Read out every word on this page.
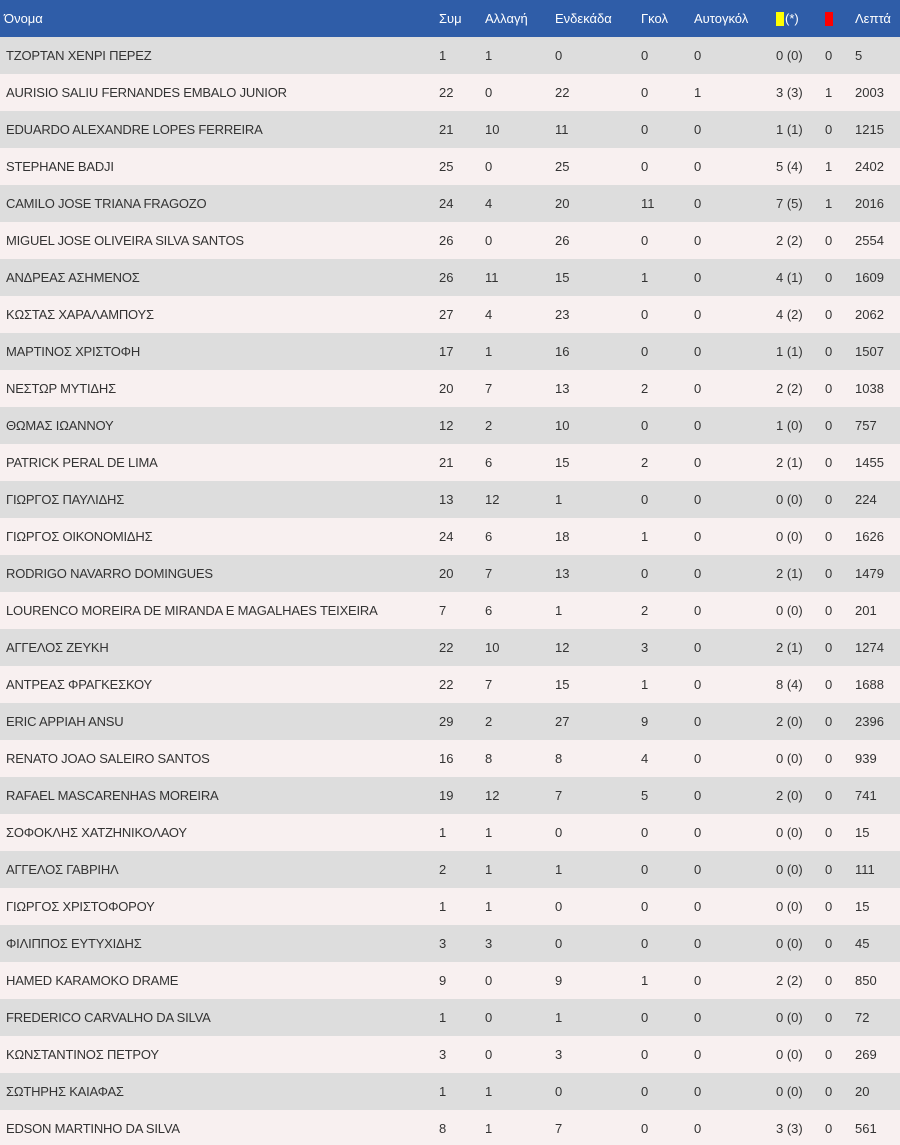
Όνομα	Συμ	Αλλαγή	Ενδεκάδα	Γκολ	Αυτογκόλ	(*)		Λεπτά
ΤΖΟΡΤΑΝ ΧΕΝΡΙ ΠΕΡΕΖ	1	1	0	0	0	0 (0)	0	5
AURISIO SALIU FERNANDES EMBALO JUNIOR	22	0	22	0	1	3 (3)	1	2003
EDUARDO ALEXANDRE LOPES FERREIRA	21	10	11	0	0	1 (1)	0	1215
STEPHANE BADJI	25	0	25	0	0	5 (4)	1	2402
CAMILO JOSE TRIANA FRAGOZO	24	4	20	11	0	7 (5)	1	2016
MIGUEL JOSE OLIVEIRA SILVA SANTOS	26	0	26	0	0	2 (2)	0	2554
ΑΝΔΡΕΑΣ ΑΣΗΜΕΝΟΣ	26	11	15	1	0	4 (1)	0	1609
ΚΩΣΤΑΣ ΧΑΡΑΛΑΜΠΟΥΣ	27	4	23	0	0	4 (2)	0	2062
ΜΑΡΤΙΝΟΣ ΧΡΙΣΤΟΦΗ	17	1	16	0	0	1 (1)	0	1507
ΝΕΣΤΩΡ ΜΥΤΙΔΗΣ	20	7	13	2	0	2 (2)	0	1038
ΘΩΜΑΣ ΙΩΑΝΝΟΥ	12	2	10	0	0	1 (0)	0	757
PATRICK PERAL DE LIMA	21	6	15	2	0	2 (1)	0	1455
ΓΙΩΡΓΟΣ ΠΑΥΛΙΔΗΣ	13	12	1	0	0	0 (0)	0	224
ΓΙΩΡΓΟΣ ΟΙΚΟΝΟΜΙΔΗΣ	24	6	18	1	0	0 (0)	0	1626
RODRIGO NAVARRO DOMINGUES	20	7	13	0	0	2 (1)	0	1479
LOURENCO MOREIRA DE MIRANDA E MAGALHAES TEIXEIRA	7	6	1	2	0	0 (0)	0	201
ΑΓΓΕΛΟΣ ΖΕΥΚΗ	22	10	12	3	0	2 (1)	0	1274
ΑΝΤΡΕΑΣ ΦΡΑΓΚΕΣΚΟΥ	22	7	15	1	0	8 (4)	0	1688
ERIC APPIAH ANSU	29	2	27	9	0	2 (0)	0	2396
RENATO JOAO SALEIRO SANTOS	16	8	8	4	0	0 (0)	0	939
RAFAEL MASCARENHAS MOREIRA	19	12	7	5	0	2 (0)	0	741
ΣΟΦΟΚΛΗΣ ΧΑΤΖΗΝΙΚΟΛΑΟΥ	1	1	0	0	0	0 (0)	0	15
ΑΓΓΕΛΟΣ ΓΑΒΡΙΗΛ	2	1	1	0	0	0 (0)	0	111
ΓΙΩΡΓΟΣ ΧΡΙΣΤΟΦΟΡΟΥ	1	1	0	0	0	0 (0)	0	15
ΦΙΛΙΠΠΟΣ ΕΥΤΥΧΙΔΗΣ	3	3	0	0	0	0 (0)	0	45
HAMED KARAMOKO DRAME	9	0	9	1	0	2 (2)	0	850
FREDERICO CARVALHO DA SILVA	1	0	1	0	0	0 (0)	0	72
ΚΩΝΣΤΑΝΤΙΝΟΣ ΠΕΤΡΟΥ	3	0	3	0	0	0 (0)	0	269
ΣΩΤΗΡΗΣ ΚΑΙΑΦΑΣ	1	1	0	0	0	0 (0)	0	20
EDSON MARTINHO DA SILVA	8	1	7	0	0	3 (3)	0	561
